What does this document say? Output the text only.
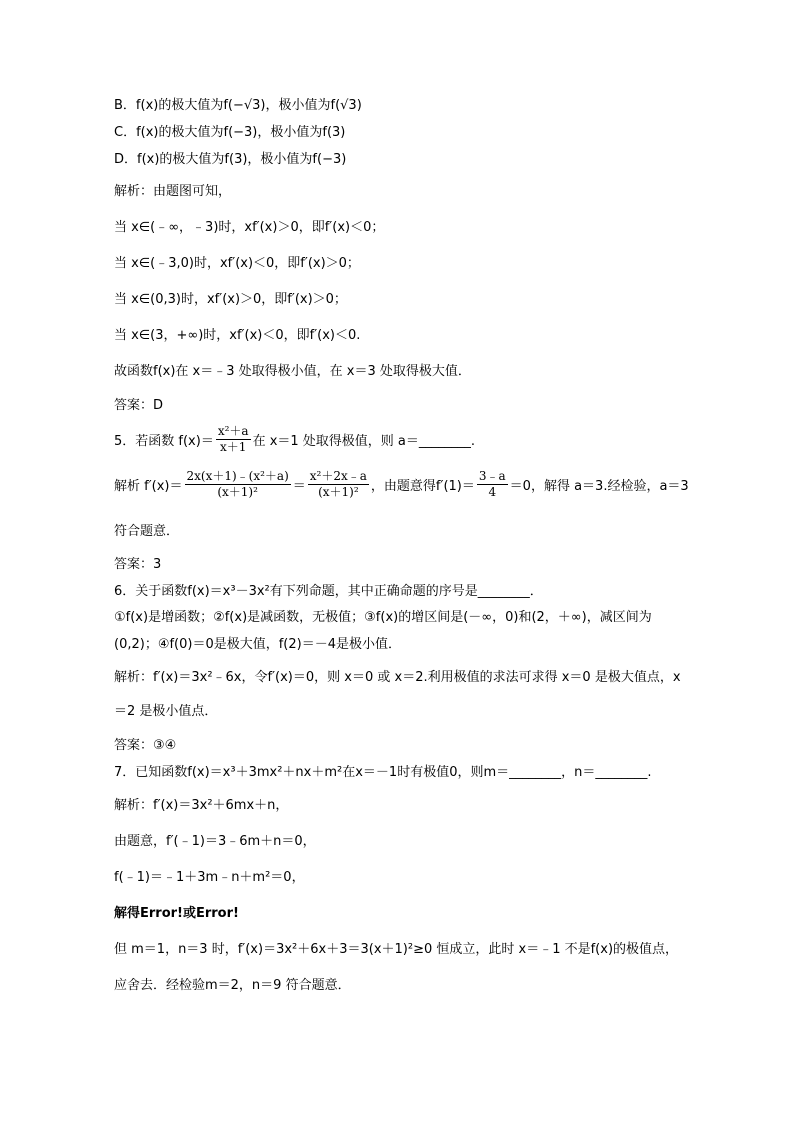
B．f(x)的极大值为f(−√3)，极小值为f(√3)
C．f(x)的极大值为f(−3)，极小值为f(3)
D．f(x)的极大值为f(3)，极小值为f(−3)
解析：由题图可知，
当 x∈(﹣∞，﹣3)时，xf′(x)＞0，即f′(x)＜0；
当 x∈(﹣3,0)时，xf′(x)＜0，即f′(x)＞0；
当 x∈(0,3)时，xf′(x)＞0，即f′(x)＞0；
当 x∈(3，+∞)时，xf′(x)＜0，即f′(x)＜0.
故函数f(x)在 x＝﹣3 处取得极小值，在 x＝3 处取得极大值．
答案：D
5．若函数 $f(x)= \frac{\text{x²＋a}}{x+1}$ 在 x＝1 处取得极值，则 a＝________.
解析 $f'(x)= \frac{\text{2x(x＋1)﹣(x²＋a)}}{\text{(x＋1)²}} = \frac{\text{x²＋2x﹣a}}{\text{(x＋1)²}}$ ，由题意得$f'(1)= \frac{3﹣a}{4} =0$，解得 a＝3.经检验，a＝3
符合题意．
答案：3
6．关于函数f(x)＝x³－3x²有下列命题，其中正确命题的序号是________．
①f(x)是增函数；②f(x)是减函数，无极值；③f(x)的增区间是(－∞，0)和(2，＋∞)，减区间为
(0,2)；④f(0)＝0是极大值，f(2)＝－4是极小值．
解析：f′(x)＝3x²﹣6x，令f′(x)＝0，则 x＝0 或 x＝2.利用极值的求法可求得 x＝0 是极大值点，x
＝2 是极小值点．
答案：③④
7．已知函数f(x)＝x³＋3mx²＋nx＋m²在x＝－1时有极值0，则m＝________，n＝________.
解析：f′(x)＝3x²＋6mx＋n，
由题意，f′(﹣1)＝3﹣6m＋n＝0，
f(﹣1)＝﹣1＋3m﹣n＋m²＝0，
解得Error!或Error!
但 m＝1，n＝3 时，f′(x)＝3x²＋6x＋3＝3(x＋1)²≥0 恒成立，此时 x＝﹣1 不是f(x)的极值点，
应舍去．经检验m＝2，n＝9 符合题意．
